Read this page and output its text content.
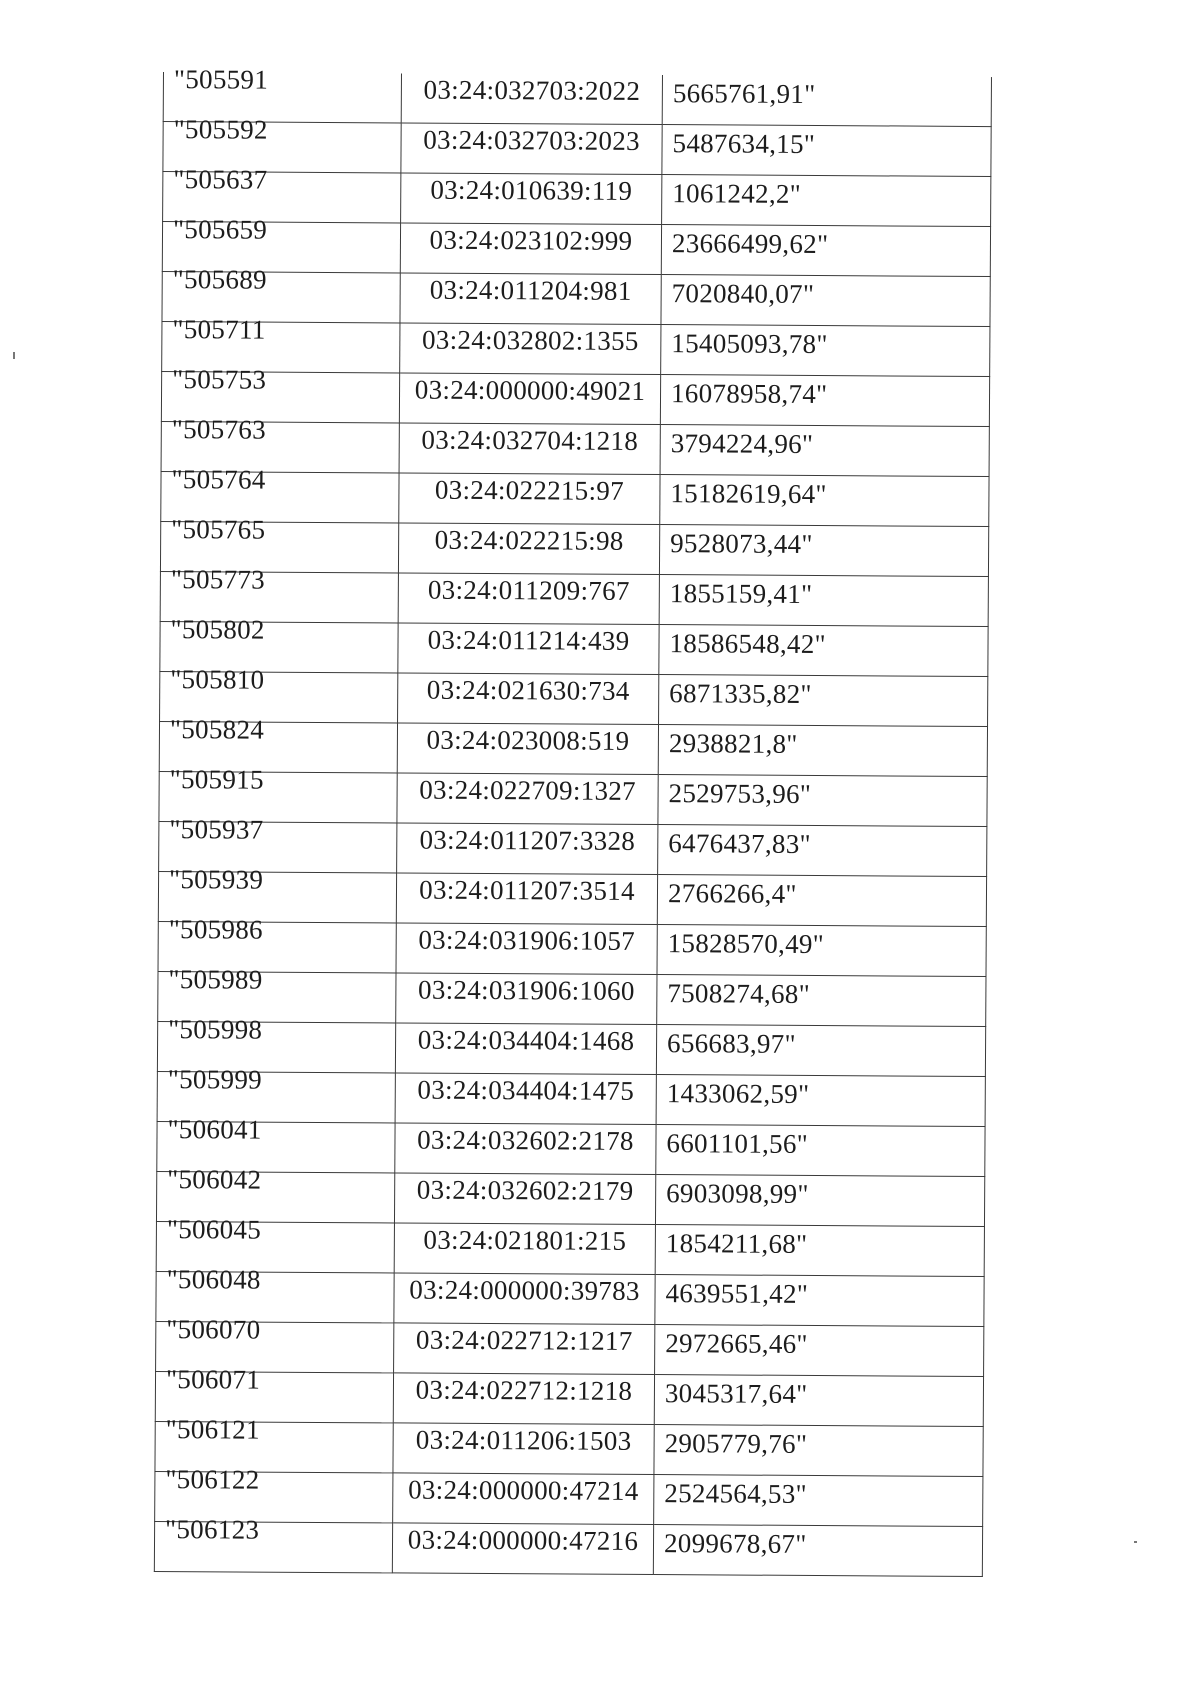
"505591	03:24:032703:2022	5665761,91"

"505592	03:24:032703:2023	5487634,15"

"505637	03:24:010639:119	1061242,2"

"505659	03:24:023102:999	23666499,62"

"505689	03:24:011204:981	7020840,07"

"505711	03:24:032802:1355	15405093,78"

"505753	03:24:000000:49021	16078958,74"

"505763	03:24:032704:1218	3794224,96"

"505764	03:24:022215:97	15182619,64"

"505765	03:24:022215:98	9528073,44"

"505773	03:24:011209:767	1855159,41"

"505802	03:24:011214:439	18586548,42"

"505810	03:24:021630:734	6871335,82"

"505824	03:24:023008:519	2938821,8"

"505915	03:24:022709:1327	2529753,96"

"505937	03:24:011207:3328	6476437,83"

"505939	03:24:011207:3514	2766266,4"

"505986	03:24:031906:1057	15828570,49"

"505989	03:24:031906:1060	7508274,68"

"505998	03:24:034404:1468	656683,97"

"505999	03:24:034404:1475	1433062,59"

"506041	03:24:032602:2178	6601101,56"

"506042	03:24:032602:2179	6903098,99"

"506045	03:24:021801:215	1854211,68"

"506048	03:24:000000:39783	4639551,42"

"506070	03:24:022712:1217	2972665,46"

"506071	03:24:022712:1218	3045317,64"

"506121	03:24:011206:1503	2905779,76"

"506122	03:24:000000:47214	2524564,53"

"506123	03:24:000000:47216	2099678,67"
